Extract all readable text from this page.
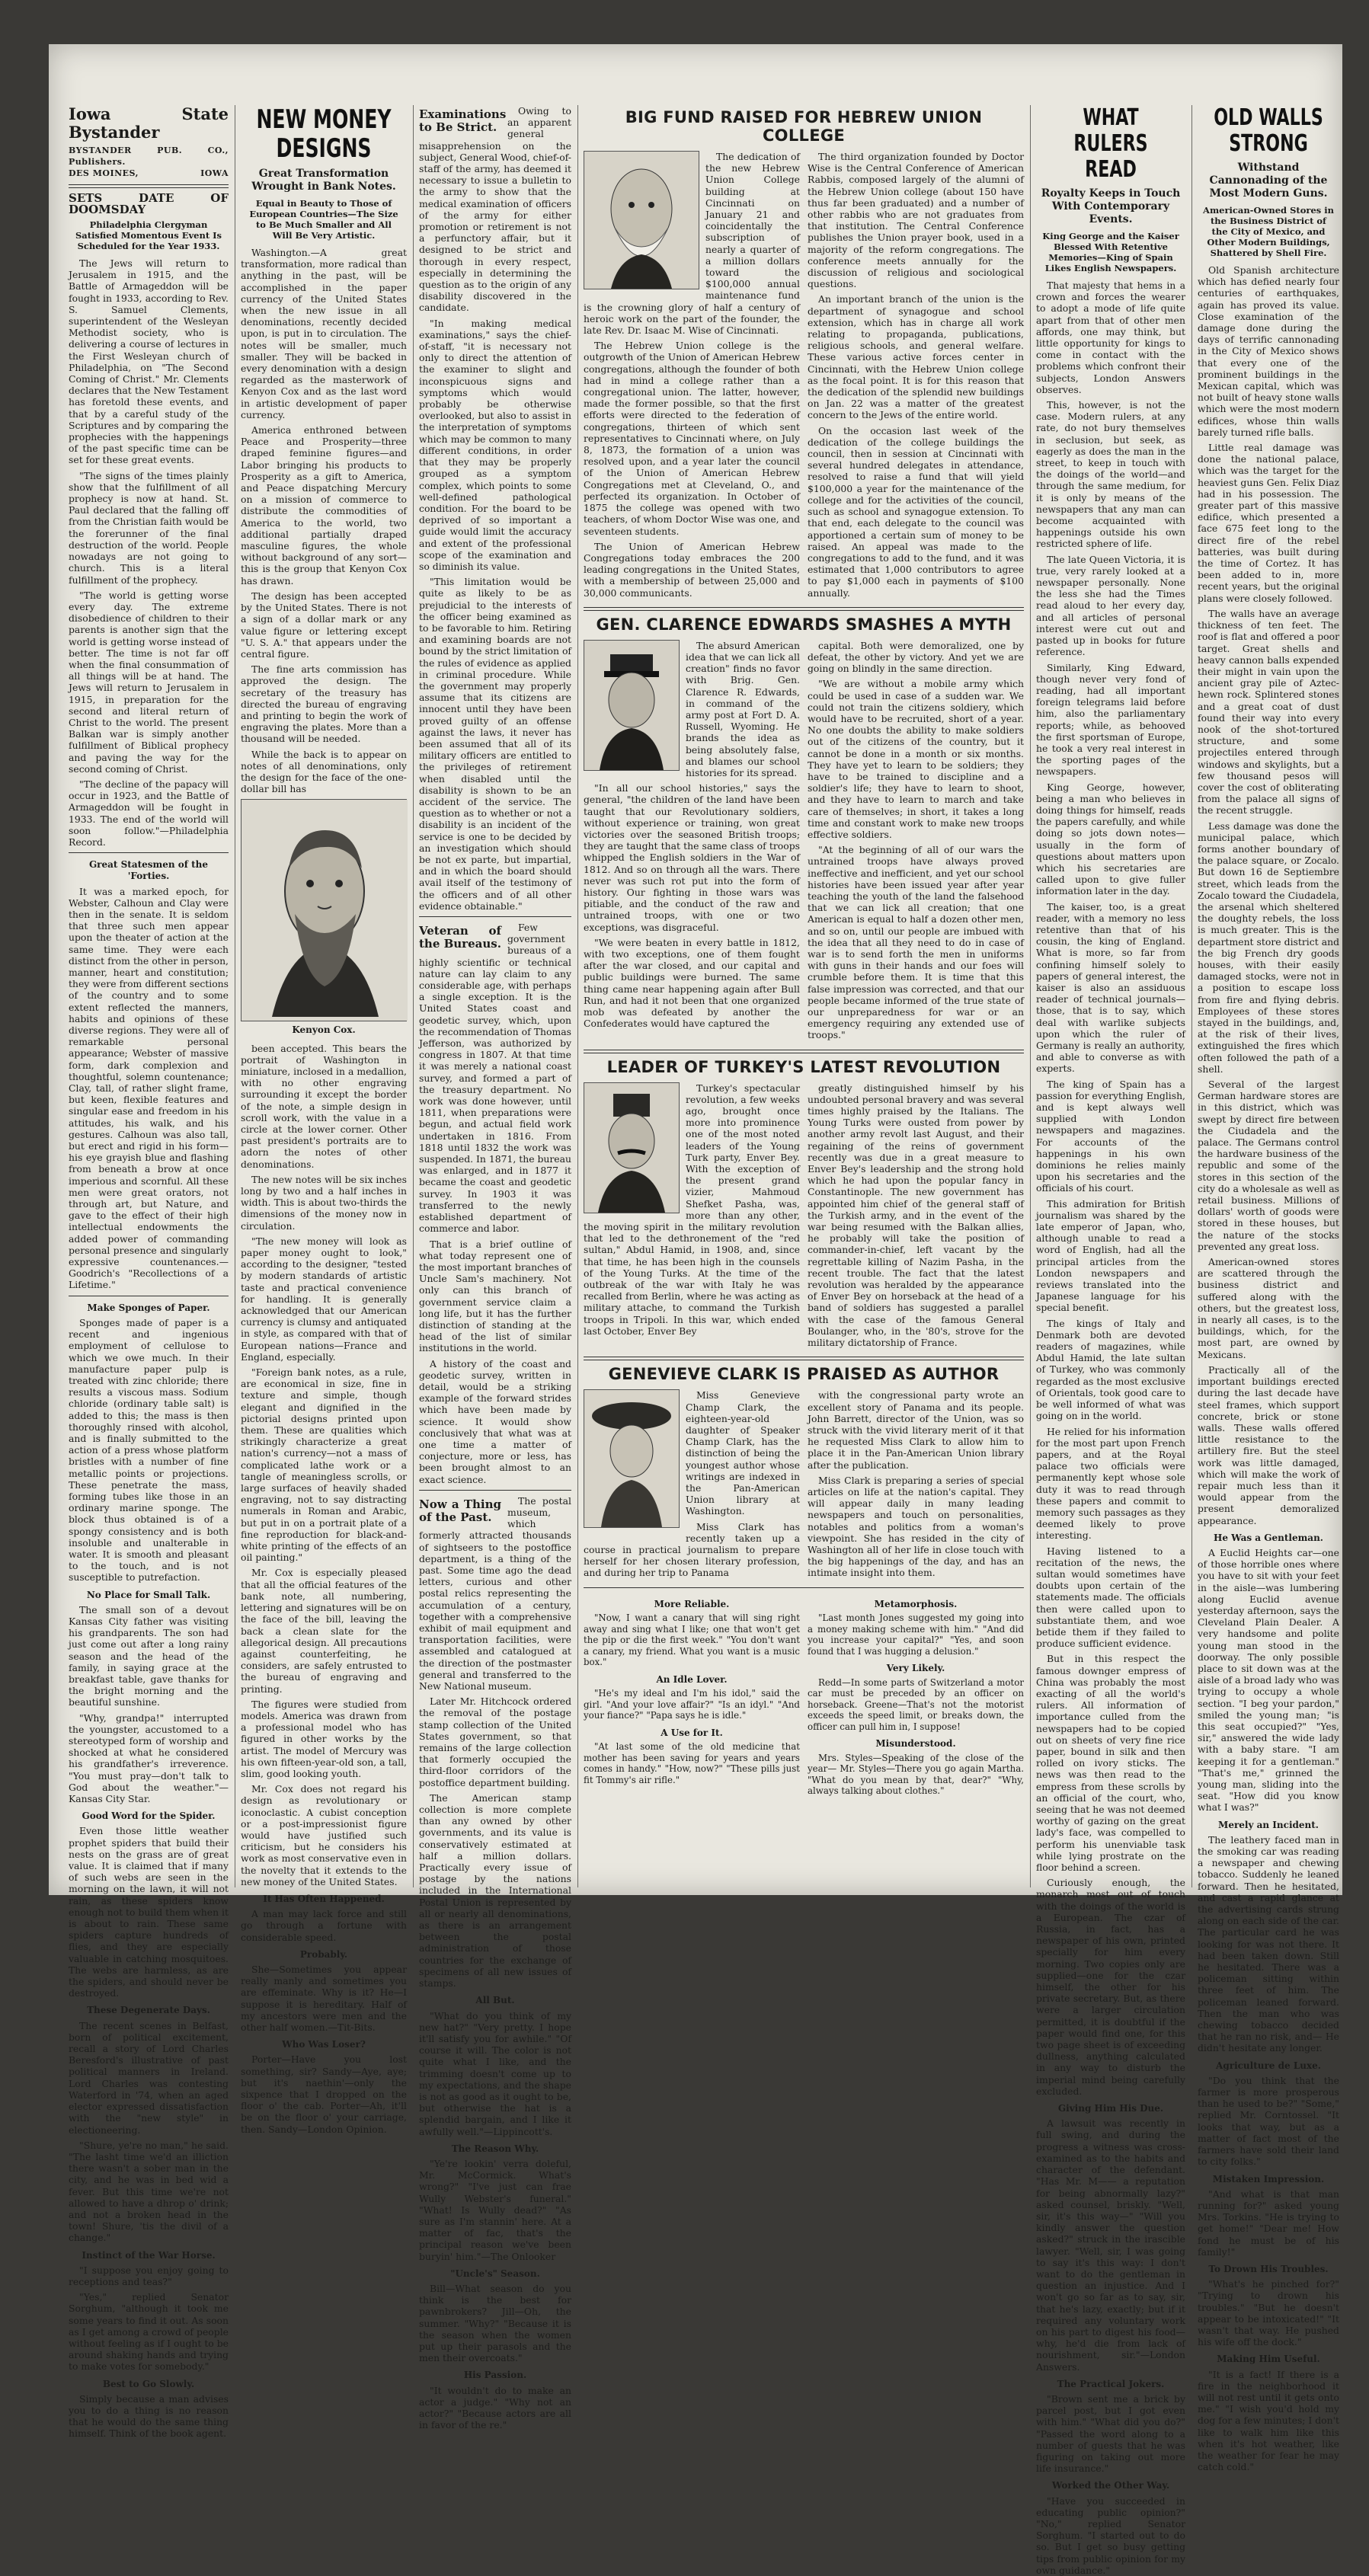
Iowa State Bystander
BYSTANDER PUB. CO., Publishers.
DES MOINES,	IOWA
SETS DATE OF DOOMSDAY
Philadelphia Clergyman Satisfied Momentous Event Is Scheduled for the Year 1933.

The Jews will return to Jerusalem in 1915, and the Battle of Armageddon will be fought in 1933, according to Rev. S. Samuel Clements, superintendent of the Wesleyan Methodist society, who is delivering a course of lectures in the First Wesleyan church of Philadelphia, on "The Second Coming of Christ." Mr. Clements declares that the New Testament has foretold these events, and that by a careful study of the Scriptures and by comparing the prophecies with the happenings of the past specific time can be set for these great events.

"The signs of the times plainly show that the fulfillment of all prophecy is now at hand. St. Paul declared that the falling off from the Christian faith would be the forerunner of the final destruction of the world. People nowadays are not going to church. This is a literal fulfillment of the prophecy.

"The world is getting worse every day. The extreme disobedience of children to their parents is another sign that the world is getting worse instead of better. The time is not far off when the final consummation of all things will be at hand. The Jews will return to Jerusalem in 1915, in preparation for the second and literal return of Christ to the world. The present Balkan war is simply another fulfillment of Biblical prophecy and paving the way for the second coming of Christ.

"The decline of the papacy will occur in 1923, and the Battle of Armageddon will be fought in 1933. The end of the world will soon follow."—Philadelphia Record.

Great Statesmen of the 'Forties.

It was a marked epoch, for Webster, Calhoun and Clay were then in the senate. It is seldom that three such men appear upon the theater of action at the same time. They were each distinct from the other in person, manner, heart and constitution; they were from different sections of the country and to some extent reflected the manners, habits and opinions of these diverse regions. They were all of remarkable personal appearance; Webster of massive form, dark complexion and thoughtful, solemn countenance; Clay, tall, of rather slight frame, but keen, flexible features and singular ease and freedom in his attitudes, his walk, and his gestures. Calhoun was also tall, but erect and rigid in his form—his eye grayish blue and flashing from beneath a brow at once imperious and scornful. All these men were great orators, not through art, but Nature, and gave to the effect of their high intellectual endowments the added power of commanding personal presence and singularly expressive countenances.—Goodrich's "Recollections of a Lifetime."

Make Sponges of Paper.

Sponges made of paper is a recent and ingenious employment of cellulose to which we owe much. In their manufacture paper pulp is treated with zinc chloride; there results a viscous mass. Sodium chloride (ordinary table salt) is added to this; the mass is then thoroughly rinsed with alcohol, and is finally submitted to the action of a press whose platform bristles with a number of fine metallic points or projections. These penetrate the mass, forming tubes like those in an ordinary marine sponge. The block thus obtained is of a spongy consistency and is both insoluble and unalterable in water. It is smooth and pleasant to the touch, and is not susceptible to putrefaction.

No Place for Small Talk.

The small son of a devout Kansas City father was visiting his grandparents. The son had just come out after a long rainy season and the head of the family, in saying grace at the breakfast table, gave thanks for the bright morning and the beautiful sunshine.

"Why, grandpa!" interrupted the youngster, accustomed to a stereotyped form of worship and shocked at what he considered his grandfather's irreverence. "You must pray—don't talk to God about the weather."—Kansas City Star.

Good Word for the Spider.

Even those little weather prophet spiders that build their nests on the grass are of great value. It is claimed that if many of such webs are seen in the morning on the lawn, it will not rain, as these spiders know enough not to build them when it is about to rain. These same spiders capture hundreds of flies, and they are especially valuable in catching mosquitoes. The webs are harmless, as are the spiders, and should never be destroyed.

These Degenerate Days.

The recent scenes in Belfast, born of political excitement, recall a story of Lord Charles Beresford's illustrative of past political manners in Ireland. Lord Charles was contesting Waterford in '74, when an aged elector expressed dissatisfaction with the "new style" in electioneering.

"Shure, ye're no man," he said. "The lasht time we'd an illiction there wasn't a sober man in the city, and he was in bed wid a fever. But this time we're not allowed to have a dhrop o' drink; and not a broken head in the town! Shure, 'tis the divil of a change."

Instinct of the War Horse.

"I suppose you enjoy going to receptions and teas?"

"Yes," replied Senator Sorghum, "although it took me some years to find it out. As soon as I get among a crowd of people without feeling as if I ought to be around shaking hands and trying to make votes for somebody."

Best to Go Slowly.

Simply because a man advises you to do a thing is no reason that he would do the same thing himself. Think of the book agent.

NEW MONEY DESIGNS
Great Transformation Wrought in Bank Notes.
Equal in Beauty to Those of European Countries—The Size to Be Much Smaller and All Will Be Very Artistic.

Washington.—A great transformation, more radical than anything in the past, will be accomplished in the paper currency of the United States when the new issue in all denominations, recently decided upon, is put in to circulation. The notes will be smaller, much smaller. They will be backed in every denomination with a design regarded as the masterwork of Kenyon Cox and as the last word in artistic development of paper currency.

America enthroned between Peace and Prosperity—three draped feminine figures—and Labor bringing his products to Prosperity as a gift to America, and Peace dispatching Mercury on a mission of commerce to distribute the commodities of America to the world, two additional partially draped masculine figures, the whole without background of any sort—this is the group that Kenyon Cox has drawn.

The design has been accepted by the United States. There is not a sign of a dollar mark or any value figure or lettering except "U. S. A." that appears under the central figure.

The fine arts commission has approved the design. The secretary of the treasury has directed the bureau of engraving and printing to begin the work of engraving the plates. More than a thousand will be needed.

While the back is to appear on notes of all denominations, only the design for the face of the one-dollar bill has

Kenyon Cox.

been accepted. This bears the portrait of Washington in miniature, inclosed in a medallion, with no other engraving surrounding it except the border of the note, a simple design in scroll work, with the value in a circle at the lower corner. Other past president's portraits are to adorn the notes of other denominations.

The new notes will be six inches long by two and a half inches in width. This is about two-thirds the dimensions of the money now in circulation.

"The new money will look as paper money ought to look," according to the designer, "tested by modern standards of artistic taste and practical convenience for handling. It is generally acknowledged that our American currency is clumsy and antiquated in style, as compared with that of European nations—France and England, especially.

"Foreign bank notes, as a rule, are economical in size, fine in texture and simple, though elegant and dignified in the pictorial designs printed upon them. These are qualities which strikingly characterize a great nation's currency—not a mass of complicated lathe work or a tangle of meaningless scrolls, or large surfaces of heavily shaded engraving, not to say distracting numerals in Roman and Arabic, but put in on a portrait plate of a fine reproduction for black-and-white printing of the effects of an oil painting."

Mr. Cox is especially pleased that all the official features of the bank note, all numbering, lettering and signatures will be on the face of the bill, leaving the back a clean slate for the allegorical design. All precautions against counterfeiting, he considers, are safely entrusted to the bureau of engraving and printing.

The figures were studied from models. America was drawn from a professional model who has figured in other works by the artist. The model of Mercury was his own fifteen-year-old son, a tall, slim, good looking youth.

Mr. Cox does not regard his design as revolutionary or iconoclastic. A cubist conception or a post-impressionist figure would have justified such criticism, but he considers his work as most conservative even in the novelty that it extends to the new money of the United States.

It Has Often Happened.

A man may lack force and still go through a fortune with considerable speed.

Probably.

She—Sometimes you appear really manly and sometimes you are effeminate. Why is it? He—I suppose it is hereditary. Half of my ancestors were men and the other half women.—Tit-Bits.

Who Was Loser?

Porter—Have you lost something, sir? Sandy—Aye, aye; but it's naethin'—only the sixpence that I dropped on the floor o' the cab. Porter—Ah, it'll be on the floor o' your carriage, then. Sandy—London Opinion.

Examinations to Be Strict.

Owing to an apparent general misapprehension on the subject, General Wood, chief-of-staff of the army, has deemed it necessary to issue a bulletin to the army to show that the medical examination of officers of the army for either promotion or retirement is not a perfunctory affair, but it designed to be strict and thorough in every respect, especially in determining the question as to the origin of any disability discovered in the candidate.

"In making medical examinations," says the chief-of-staff, "it is necessary not only to direct the attention of the examiner to slight and inconspicuous signs and symptoms which would probably be otherwise overlooked, but also to assist in the interpretation of symptoms which may be common to many different conditions, in order that they may be properly grouped as a symptom complex, which points to some well-defined pathological condition. For the board to be deprived of so important a guide would limit the accuracy and extent of the professional scope of the examination and so diminish its value.

"This limitation would be quite as likely to be as prejudicial to the interests of the officer being examined as to be favorable to him. Retiring and examining boards are not bound by the strict limitation of the rules of evidence as applied in criminal procedure. While the government may properly assume that its citizens are innocent until they have been proved guilty of an offense against the laws, it never has been assumed that all of its military officers are entitled to the privileges of retirement when disabled until the disability is shown to be an accident of the service. The question as to whether or not a disability is an incident of the service is one to be decided by an investigation which should be not ex parte, but impartial, and in which the board should avail itself of the testimony of the officers and of all other evidence obtainable."

Veteran of the Bureaus.

Few government bureaus of a highly scientific or technical nature can lay claim to any considerable age, with perhaps a single exception. It is the United States coast and geodetic survey, which, upon the recommendation of Thomas Jefferson, was authorized by congress in 1807. At that time it was merely a national coast survey, and formed a part of the treasury department. No work was done however, until 1811, when preparations were begun, and actual field work undertaken in 1816. From 1818 until 1832 the work was suspended. In 1871, the bureau was enlarged, and in 1877 it became the coast and geodetic survey. In 1903 it was transferred to the newly established department of commerce and labor.

That is a brief outline of what today represent one of the most important branches of Uncle Sam's machinery. Not only can this branch of government service claim a long life, but it has the further distinction of standing at the head of the list of similar institutions in the world.

A history of the coast and geodetic survey, written in detail, would be a striking example of the forward strides which have been made by science. It would show conclusively that what was at one time a matter of conjecture, more or less, has been brought almost to an exact science.

Now a Thing of the Past.

The postal museum, which formerly attracted thousands of sightseers to the postoffice department, is a thing of the past. Some time ago the dead letters, curious and other postal relics representing the accumulation of a century, together with a comprehensive exhibit of mail equipment and transportation facilities, were assembled and catalogued at the direction of the postmaster general and transferred to the New National museum.

Later Mr. Hitchcock ordered the removal of the postage stamp collection of the United States government, so that remains of the large collection that formerly occupied the third-floor corridors of the postoffice department building.

The American stamp collection is more complete than any owned by other governments, and its value is conservatively estimated at half a million dollars. Practically every issue of postage by the nations included in the International Postal Union is represented by all or nearly all denominations, as there is an arrangement between the postal administration of those countries for the exchange of specimens of all new issues of stamps.

All But.

"What do you think of my new hat?" "Very pretty. I hope it'll satisfy you for awhile." "Of course it will. The color is not quite what I like, and the trimming doesn't come up to my expectations, and the shape is not as good as it ought to be, but otherwise the hat is a splendid bargain, and I like it awfully well."—Lippincott's.

The Reason Why.

"Ye're lookin' verra doleful, Mr. McCormick. What's wrong?" "I've just can frae Wully Webster's funeral." "What! Is Wully dead?" "As sure as I'm stannin' here. At a matter of fac, that's the principal reason we've been buryin' him."—The Onlooker

"Uncle's" Season.

Bill—What season do you think is the best for pawnbrokers? Jill—Oh, the summer. "Why?" "Because it is the season when the women put up their parasols and the men their overcoats."

His Passion.

"It wouldn't do to make an actor a judge." "Why not an actor?" "Because actors are all in favor of the re."

BIG FUND RAISED FOR HEBREW UNION COLLEGE

The dedication of the new Hebrew Union College building at Cincinnati on January 21 and coincidentally the subscription of nearly a quarter of a million dollars toward the $100,000 annual maintenance fund is the crowning glory of half a century of heroic work on the part of the founder, the late Rev. Dr. Isaac M. Wise of Cincinnati.

The Hebrew Union college is the outgrowth of the Union of American Hebrew congregations, although the founder of both had in mind a college rather than a congregational union. The latter, however, made the former possible, so that the first efforts were directed to the federation of congregations, thirteen of which sent representatives to Cincinnati where, on July 8, 1873, the formation of a union was resolved upon, and a year later the council of the Union of American Hebrew Congregations met at Cleveland, O., and perfected its organization. In October of 1875 the college was opened with two teachers, of whom Doctor Wise was one, and seventeen students.

The Union of American Hebrew Congregations today embraces the 200 leading congregations in the United States, with a membership of between 25,000 and 30,000 communicants.

The third organization founded by Doctor Wise is the Central Conference of American Rabbis, composed largely of the alumni of the Hebrew Union college (about 150 have thus far been graduated) and a number of other rabbis who are not graduates from that institution. The Central Conference publishes the Union prayer book, used in a majority of the reform congregations. The conference meets annually for the discussion of religious and sociological questions.

An important branch of the union is the department of synagogue and school extension, which has in charge all work relating to propaganda, publications, religious schools, and general welfare. These various active forces center in Cincinnati, with the Hebrew Union college as the focal point. It is for this reason that the dedication of the splendid new buildings on Jan. 22 was a matter of the greatest concern to the Jews of the entire world.

On the occasion last week of the dedication of the college buildings the council, then in session at Cincinnati with several hundred delegates in attendance, resolved to raise a fund that will yield $100,000 a year for the maintenance of the college and for the activities of the council, such as school and synagogue extension. To that end, each delegate to the council was apportioned a certain sum of money to be raised. An appeal was made to the congregations to add to the fund, and it was estimated that 1,000 contributors to agree to pay $1,000 each in payments of $100 annually.

GEN. CLARENCE EDWARDS SMASHES A MYTH

The absurd American idea that we can lick all creation" finds no favor with Brig. Gen. Clarence R. Edwards, in command of the army post at Fort D. A. Russell, Wyoming. He brands the idea as being absolutely false, and blames our school histories for its spread.

"In all our school histories," says the general, "the children of the land have been taught that our Revolutionary soldiers, without experience or training, won great victories over the seasoned British troops; they are taught that the same class of troops whipped the English soldiers in the War of 1812. And so on through all the wars. There never was such rot put into the form of history. Our fighting in those wars was pitiable, and the conduct of the raw and untrained troops, with one or two exceptions, was disgraceful.

"We were beaten in every battle in 1812, with two exceptions, one of them fought after the war closed, and our capital and public buildings were burned. The same thing came near happening again after Bull Run, and had it not been that one organized mob was defeated by another the Confederates would have captured the

capital. Both were demoralized, one by defeat, the other by victory. And yet we are going on blindly in the same direction.

"We are without a mobile army which could be used in case of a sudden war. We could not train the citizens soldiery, which would have to be recruited, short of a year. No one doubts the ability to make soldiers out of the citizens of the country, but it cannot be done in a month or six months. They have yet to learn to be soldiers; they have to be trained to discipline and a soldier's life; they have to learn to shoot, and they have to learn to march and take care of themselves; in short, it takes a long time and constant work to make new troops effective soldiers.

"At the beginning of all of our wars the untrained troops have always proved ineffective and inefficient, and yet our school histories have been issued year after year teaching the youth of the land the falsehood that we can lick all creation; that one American is equal to half a dozen other men, and so on, until our people are imbued with the idea that all they need to do in case of war is to send forth the men in uniforms with guns in their hands and our foes will crumble before them. It is time that this false impression was corrected, and that our people became informed of the true state of our unpreparedness for war or an emergency requiring any extended use of troops."

LEADER OF TURKEY'S LATEST REVOLUTION

Turkey's spectacular revolution, a few weeks ago, brought once more into prominence one of the most noted leaders of the Young Turk party, Enver Bey. With the exception of the present grand vizier, Mahmoud Shefket Pasha, was, more than any other, the moving spirit in the military revolution that led to the dethronement of the "red sultan," Abdul Hamid, in 1908, and, since that time, he has been high in the counsels of the Young Turks. At the time of the outbreak of the war with Italy he was recalled from Berlin, where he was acting as military attache, to command the Turkish troops in Tripoli. In this war, which ended last October, Enver Bey

greatly distinguished himself by his undoubted personal bravery and was several times highly praised by the Italians. The Young Turks were ousted from power by another army revolt last August, and their regaining of the reins of government recently was due in a great measure to Enver Bey's leadership and the strong hold which he had upon the popular fancy in Constantinople. The new government has appointed him chief of the general staff of the Turkish army, and in the event of the war being resumed with the Balkan allies, he probably will take the position of commander-in-chief, left vacant by the regrettable killing of Nazim Pasha, in the recent trouble. The fact that the latest revolution was heralded by the appearance of Enver Bey on horseback at the head of a band of soldiers has suggested a parallel with the case of the famous General Boulanger, who, in the '80's, strove for the military dictatorship of France.

GENEVIEVE CLARK IS PRAISED AS AUTHOR

Miss Genevieve Champ Clark, the eighteen-year-old daughter of Speaker Champ Clark, has the distinction of being the youngest author whose writings are indexed in the Pan-American Union library at Washington.

Miss Clark has recently taken up a course in practical journalism to prepare herself for her chosen literary profession, and during her trip to Panama

with the congressional party wrote an excellent story of Panama and its people. John Barrett, director of the Union, was so struck with the vivid literary merit of it that he requested Miss Clark to allow him to place it in the Pan-American Union library after the publication.

Miss Clark is preparing a series of special articles on life at the nation's capital. They will appear daily in many leading newspapers and touch on personalities, notables and politics from a woman's viewpoint. She has resided in the city of Washington all of her life in close touch with the big happenings of the day, and has an intimate insight into them.

More Reliable.

"Now, I want a canary that will sing right away and sing what I like; one that won't get the pip or die the first week." "You don't want a canary, my friend. What you want is a music box."

An Idle Lover.

"He's my ideal and I'm his idol," said the girl. "And your love affair?" "Is an idyl." "And your fiance?" "Papa says he is idle."

A Use for It.

"At last some of the old medicine that mother has been saving for years and years comes in handy." "How, now?" "These pills just fit Tommy's air rifle."

Metamorphosis.

"Last month Jones suggested my going into a money making scheme with him." "And did you increase your capital?" "Yes, and soon found that I was hugging a delusion."

Very Likely.

Redd—In some parts of Switzerland a motor car must be preceded by an officer on horseback. Greene—That's not the motorist exceeds the speed limit, or breaks down, the officer can pull him in, I suppose!

Misunderstood.

Mrs. Styles—Speaking of the close of the year— Mr. Styles—There you go again Martha. "What do you mean by that, dear?" "Why, always talking about clothes."

WHAT RULERS READ
Royalty Keeps in Touch With Contemporary Events.
King George and the Kaiser Blessed With Retentive Memories—King of Spain Likes English Newspapers.

That majesty that hems in a crown and forces the wearer to adopt a mode of life quite apart from that of other men affords, one may think, but little opportunity for kings to come in contact with the problems which confront their subjects, London Answers observes.

This, however, is not the case. Modern rulers, at any rate, do not bury themselves in seclusion, but seek, as eagerly as does the man in the street, to keep in touch with the doings of the world—and through the same medium, for it is only by means of the newspapers that any man can become acquainted with happenings outside his own restricted sphere of life.

The late Queen Victoria, it is true, very rarely looked at a newspaper personally. None the less she had the Times read aloud to her every day, and all articles of personal interest were cut out and pasted up in books for future reference.

Similarly, King Edward, though never very fond of reading, had all important foreign telegrams laid before him, also the parliamentary reports; while, as behooved the first sportsman of Europe, he took a very real interest in the sporting pages of the newspapers.

King George, however, being a man who believes in doing things for himself, reads the papers carefully, and while doing so jots down notes—usually in the form of questions about matters upon which his secretaries are called upon to give fuller information later in the day.

The kaiser, too, is a great reader, with a memory no less retentive than that of his cousin, the king of England. What is more, so far from confining himself solely to papers of general interest, the kaiser is also an assiduous reader of technical journals—those, that is to say, which deal with warlike subjects upon which the ruler of Germany is really an authority, and able to converse as with experts.

The king of Spain has a passion for everything English, and is kept always well supplied with London newspapers and magazines. For accounts of the happenings in his own dominions he relies mainly upon his secretaries and the officials of his court.

This admiration for British journalism was shared by the late emperor of Japan, who, although unable to read a word of English, had all the principal articles from the London newspapers and reviews translated into the Japanese language for his special benefit.

The kings of Italy and Denmark both are devoted readers of magazines, while Abdul Hamid, the late sultan of Turkey, who was commonly regarded as the most exclusive of Orientals, took good care to be well informed of what was going on in the world.

He relied for his information for the most part upon French papers, and at the Royal palace two officials were permanently kept whose sole duty it was to read through these papers and commit to memory such passages as they deemed likely to prove interesting.

Having listened to a recitation of the news, the sultan would sometimes have doubts upon certain of the statements made. The officials then were called upon to substantiate them, and woe betide them if they failed to produce sufficient evidence.

But in this respect the famous downger empress of China was probably the most exacting of all the world's rulers. All information of importance culled from the newspapers had to be copied out on sheets of very fine rice paper, bound in silk and then rolled on ivory sticks. The news was then read to the empress from these scrolls by an official of the court, who, seeing that he was not deemed worthy of gazing on the great lady's face, was compelled to perform his unenviable task while lying prostrate on the floor behind a screen.

Curiously enough, the monarch most out of touch with the doings of the world is a European. The czar of Russia, in fact, has a newspaper of his own, printed specially for him every morning. Two copies only are supplied—one for the czar himself, the other for his private secretary. But, as there were a larger circulation permitted, it is doubtful if the paper would find one, for this two page sheet is of exceeding dullness, anything calculated in any way to disturb the imperial mind being carefully excluded.

Giving Him His Due.

A lawsuit was recently in full swing, and during the progress a witness was cross-examined as to the habits and character of the defendant. "Has Mr. M—— a reputation for being abnormally lazy?" asked counsel, briskly. "Well, sir, it's this way—" "Will you kindly answer the question asked?" struck in the irascible lawyer. "Well, sir, I was going to say it's this way: I don't want to do the gentleman in question an injustice. And I won't go so far as to say, sir, that he's lazy, exactly; but if it required any voluntary work on his part to digest his food—why, he'd die from lack of nourishment, sir."—London Answers.

The Practical Jokers.

"Brown sent me a brick by parcel post, but I got even with him." "What did you do?" "Passed the word along to a number of guests that he was figuring on taking out more life insurance."

Worked the Other Way.

"Have you succeeded in educating public opinion?" "No," replied Senator Sorghum. "I started out to do so. But I get so busy getting tips from public opinion for my own guidance."

OLD WALLS STRONG
Withstand Cannonading of the Most Modern Guns.
American-Owned Stores in the Business District of the City of Mexico, and Other Modern Buildings, Shattered by Shell Fire.

Old Spanish architecture which has defied nearly four centuries of earthquakes, again has proved its value. Close examination of the damage done during the days of terrific cannonading in the City of Mexico shows that every one of the prominent buildings in the Mexican capital, which was not built of heavy stone walls which were the most modern edifices, whose thin walls barely turned rifle balls.

Little real damage was done the national palace, which was the target for the heaviest guns Gen. Felix Diaz had in his possession. The greater part of this massive edifice, which presented a face 675 feet long to the direct fire of the rebel batteries, was built during the time of Cortez. It has been added to in, more recent years, but the original plans were closely followed.

The walls have an average thickness of ten feet. The roof is flat and offered a poor target. Great shells and heavy cannon balls expended their might in vain upon the ancient gray pile of Aztec-hewn rock. Splintered stones and a great coat of dust found their way into every nook of the shot-tortured structure, and some projectiles entered through windows and skylights, but a few thousand pesos will cover the cost of obliterating from the palace all signs of the recent struggle.

Less damage was done the municipal palace, which forms another boundary of the palace square, or Zocalo. But down 16 de Septiembre street, which leads from the Zocalo toward the Ciudadela, the arsenal which sheltered the doughty rebels, the loss is much greater. This is the department store district and the big French dry goods houses, with their easily damaged stocks, were not in a position to escape loss from fire and flying debris. Employees of these stores stayed in the buildings, and, at the risk of their lives, extinguished the fires which often followed the path of a shell.

Several of the largest German hardware stores are in this district, which was swept by direct fire between the Ciudadela and the palace. The Germans control the hardware business of the republic and some of the stores in this section of the city do a wholesale as well as retail business. Millions of dollars' worth of goods were stored in these houses, but the nature of the stocks prevented any great loss.

American-owned stores are scattered through the business district and suffered along with the others, but the greatest loss, in nearly all cases, is to the buildings, which, for the most part, are owned by Mexicans.

Practically all of the important buildings erected during the last decade have steel frames, which support concrete, brick or stone walls. These walls offered little resistance to the artillery fire. But the steel work was little damaged, which will make the work of repair much less than it would appear from the present demoralized appearance.

He Was a Gentleman.

A Euclid Heights car—one of those horrible ones where you have to sit with your feet in the aisle—was lumbering along Euclid avenue yesterday afternoon, says the Cleveland Plain Dealer. A very handsome and polite young man stood in the doorway. The only possible place to sit down was at the aisle of a broad lady who was trying to occupy a whole section. "I beg your pardon," smiled the young man; "is this seat occupied?" "Yes, sir," answered the wide lady with a baby stare. "I am keeping it for a gentleman." "That's me," grinned the young man, sliding into the seat. "How did you know what I was?"

Merely an Incident.

The leathery faced man in the smoking car was reading a newspaper and chewing tobacco. Suddenly he leaned forward. Then he hesitated, and cast a rapid glance at the advertising cards strung along on each side of the car. The particular card he was looking for was not there. It had been taken down. Still he hesitated. There was a policeman sitting within three feet of him. The policeman leaned forward. Then the man who was chewing tobacco decided that he ran no risk, and— He didn't hesitate any longer.

Agriculture de Luxe.

"Do you think that the farmer is more prosperous than he used to be?" "Some," replied Mr. Corntossel. "It looks that way, but as a matter of fact most of the farmers have sold their land to city folks."

Mistaken Impression.

"And what is that man running for?" asked young Mrs. Torkins. "He is trying to get home!" "Dear me! How fond he must be of his family!"

To Drown His Troubles.

"What's he pinched for?" "Trying to drown his troubles." "But he doesn't appear to be intoxicated!" "It wasn't that way. He pushed his wife off the dock."

Making Him Useful.

"It is a fact! If there is a fire in the neighborhood it will not rest until it gets onto me." "I wish you'd hold my dog for a few minutes; I don't like to walk him like this when it's hot weather, like the weather for fear he may catch cold."
